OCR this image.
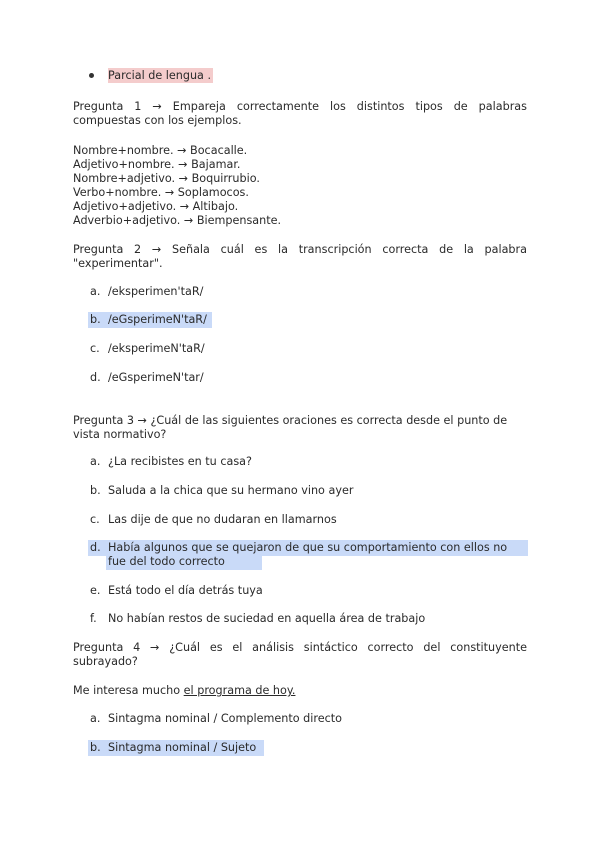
Parcial de lengua .
Pregunta 1 → Empareja correctamente los distintos tipos de palabras compuestas con los ejemplos.
Nombre+nombre. → Bocacalle.
Adjetivo+nombre. → Bajamar.
Nombre+adjetivo. → Boquirrubio.
Verbo+nombre. → Soplamocos.
Adjetivo+adjetivo. → Altibajo.
Adverbio+adjetivo. → Biempensante.
Pregunta 2 → Señala cuál es la transcripción correcta de la palabra "experimentar".
a. /eksperimen'taR/
b. /eGsperimeN'taR/
c. /eksperimeN'taR/
d. /eGsperimeN'tar/
Pregunta 3 → ¿Cuál de las siguientes oraciones es correcta desde el punto de vista normativo?
a. ¿La recibistes en tu casa?
b. Saluda a la chica que su hermano vino ayer
c. Las dije de que no dudaran en llamarnos
d. Había algunos que se quejaron de que su comportamiento con ellos no fue del todo correcto
e. Está todo el día detrás tuya
f. No habían restos de suciedad en aquella área de trabajo
Pregunta 4 → ¿Cuál es el análisis sintáctico correcto del constituyente subrayado?
Me interesa mucho el programa de hoy.
a. Sintagma nominal / Complemento directo
b. Sintagma nominal / Sujeto
